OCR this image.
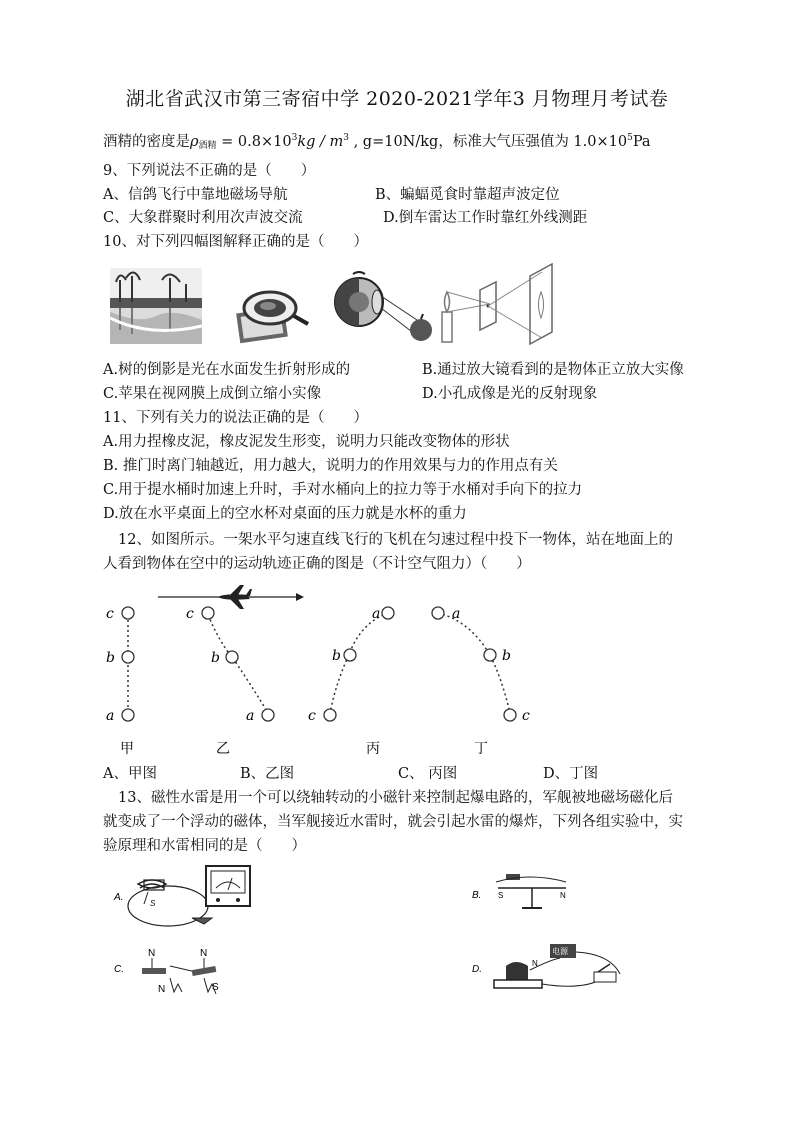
湖北省武汉市第三寄宿中学 2020-2021学年3 月物理月考试卷
酒精的密度是$\rho_{酒精} = 0.8\times 10^3kg / m^3$ , g=10N/kg，标准大气压强值为 $1.0\times 10^5Pa$
9、下列说法不正确的是（　　）
A、信鸽飞行中靠地磁场导航	B、蝙蝠觅食时靠超声波定位
C、大象群聚时利用次声波交流	D.倒车雷达工作时靠红外线测距
10、对下列四幅图解释正确的是（　　）
A.树的倒影是光在水面发生折射形成的	B.通过放大镜看到的是物体正立放大实像
C.苹果在视网膜上成倒立缩小实像	D.小孔成像是光的反射现象
11、下列有关力的说法正确的是（　　）
A.用力捏橡皮泥，橡皮泥发生形变，说明力只能改变物体的形状
B. 推门时离门轴越近，用力越大，说明力的作用效果与力的作用点有关
C.用于提水桶时加速上升时，手对水桶向上的拉力等于水桶对手向下的拉力
D.放在水平桌面上的空水杯对桌面的压力就是水杯的重力
12、如图所示。一架水平匀速直线飞行的飞机在匀速过程中投下一物体，站在地面上的
人看到物体在空中的运动轨迹正确的图是（不计空气阻力）（　　）
c
b
a
甲
c
b
a
乙
a
b
c
丙
a
b
c
丁
A、甲图	B、乙图	C、 丙图	D、丁图
13、磁性水雷是用一个可以绕轴转动的小磁针来控制起爆电路的，军舰被地磁场磁化后
就变成了一个浮动的磁体，当军舰接近水雷时，就会引起水雷的爆炸，下列各组实验中，实
验原理和水雷相同的是（　　）
A.
S
B. S	N
C.
N	N
N	S
D.
电源
N
